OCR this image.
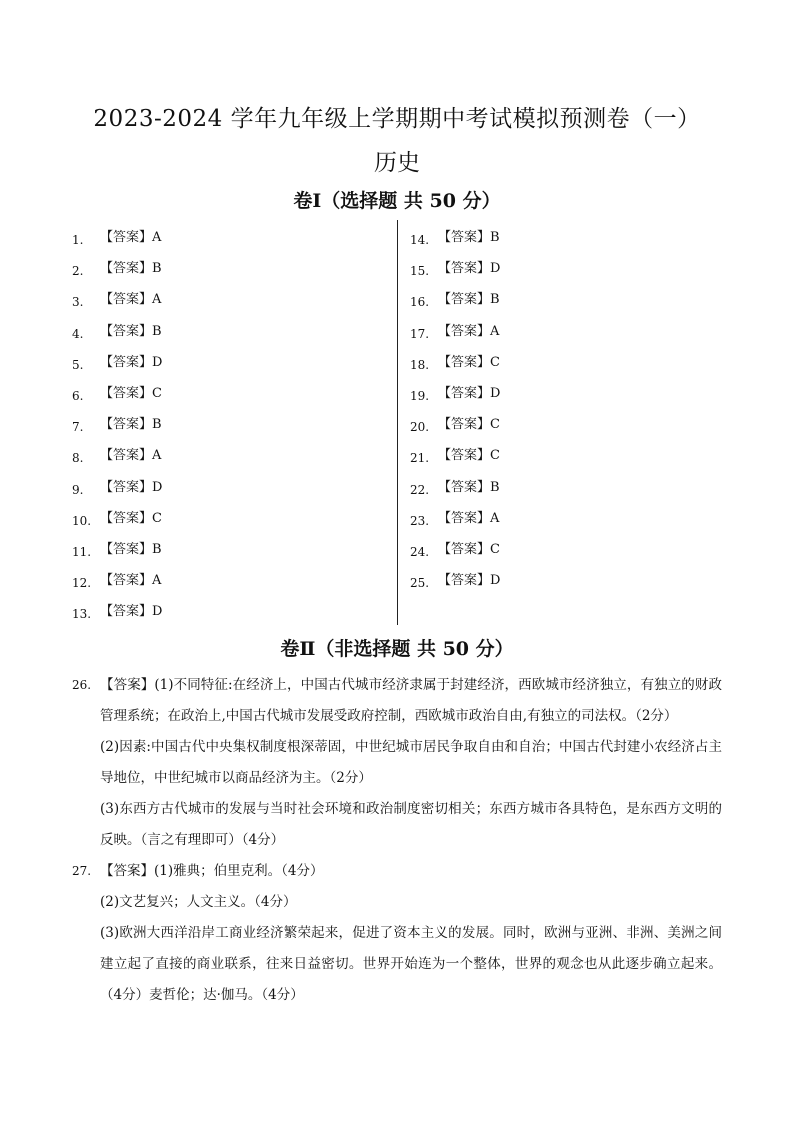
2023-2024 学年九年级上学期期中考试模拟预测卷（一）
历史
卷Ⅰ（选择题 共 50 分）
1. 【答案】A
2. 【答案】B
3. 【答案】A
4. 【答案】B
5. 【答案】D
6. 【答案】C
7. 【答案】B
8. 【答案】A
9. 【答案】D
10. 【答案】C
11. 【答案】B
12. 【答案】A
13. 【答案】D
14. 【答案】B
15. 【答案】D
16. 【答案】B
17. 【答案】A
18. 【答案】C
19. 【答案】D
20. 【答案】C
21. 【答案】C
22. 【答案】B
23. 【答案】A
24. 【答案】C
25. 【答案】D
卷Ⅱ（非选择题 共 50 分）
26. 【答案】(1)不同特征:在经济上，中国古代城市经济隶属于封建经济，西欧城市经济独立，有独立的财政管理系统；在政治上,中国古代城市发展受政府控制，西欧城市政治自由,有独立的司法权。（2分）
(2)因素:中国古代中央集权制度根深蒂固，中世纪城市居民争取自由和自治；中国古代封建小农经济占主导地位，中世纪城市以商品经济为主。（2分）
(3)东西方古代城市的发展与当时社会环境和政治制度密切相关；东西方城市各具特色，是东西方文明的反映。（言之有理即可）（4分）
27. 【答案】(1)雅典；伯里克利。（4分）
(2)文艺复兴；人文主义。（4分）
(3)欧洲大西洋沿岸工商业经济繁荣起来，促进了资本主义的发展。同时，欧洲与亚洲、非洲、美洲之间建立起了直接的商业联系，往来日益密切。世界开始连为一个整体，世界的观念也从此逐步确立起来。（4分）麦哲伦；达·伽马。（4分）
